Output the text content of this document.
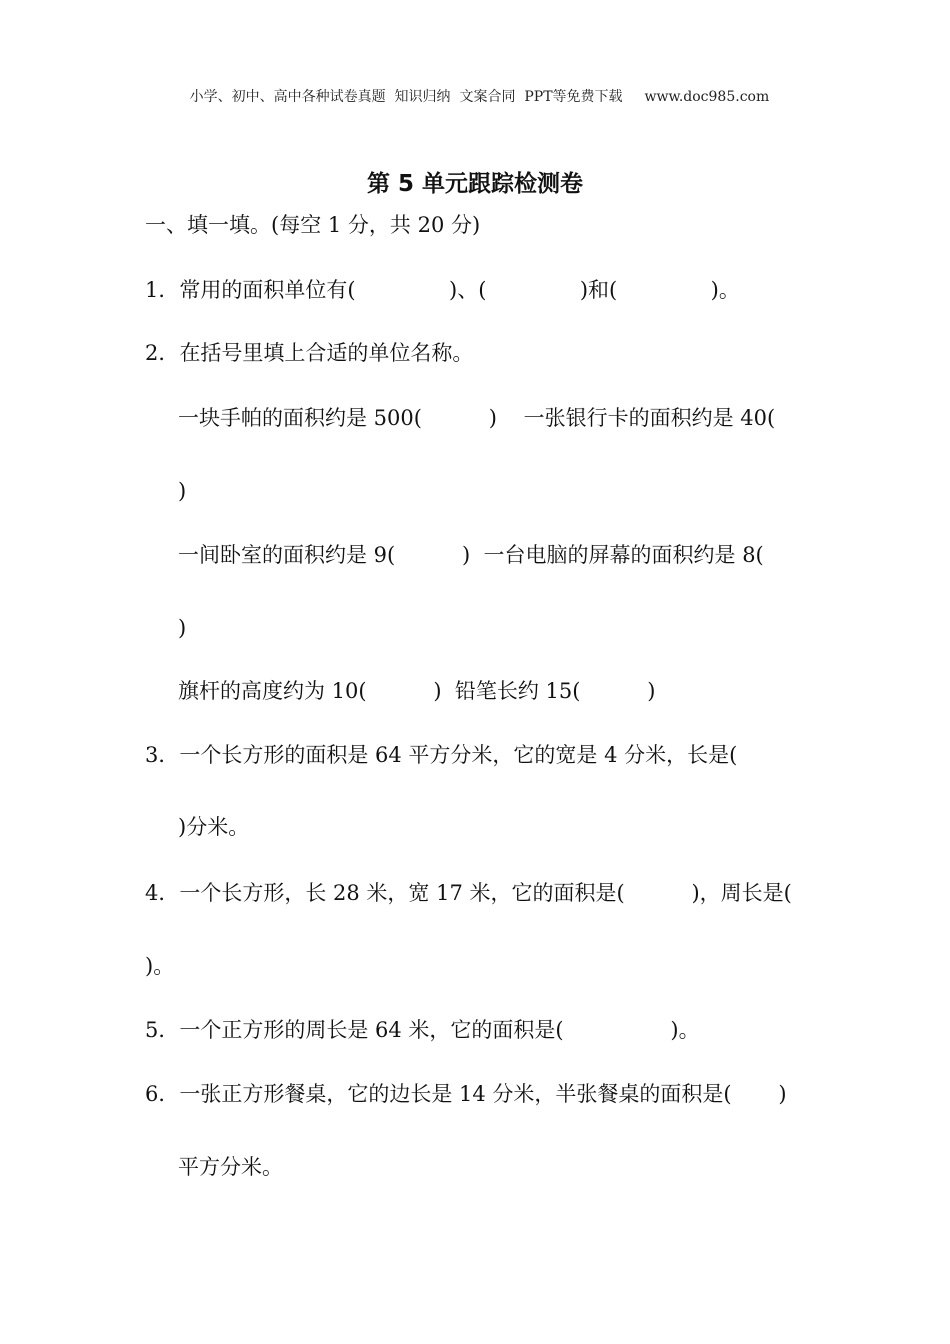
小学、初中、高中各种试卷真题  知识归纳  文案合同  PPT等免费下载 www.doc985.com

第 5 单元跟踪检测卷
一、填一填。(每空 1 分，共 20 分)
1．常用的面积单位有(              )、(              )和(              )。
2．在括号里填上合适的单位名称。
一块手帕的面积约是 500(          )    一张银行卡的面积约是 40(
)
一间卧室的面积约是 9(          )  一台电脑的屏幕的面积约是 8(
)
旗杆的高度约为 10(          )  铅笔长约 15(          )
3．一个长方形的面积是 64 平方分米，它的宽是 4 分米，长是(
)分米。
4．一个长方形，长 28 米，宽 17 米，它的面积是(          )，周长是(
)。
5．一个正方形的周长是 64 米，它的面积是(                )。
6．一张正方形餐桌，它的边长是 14 分米，半张餐桌的面积是(       )
平方分米。
